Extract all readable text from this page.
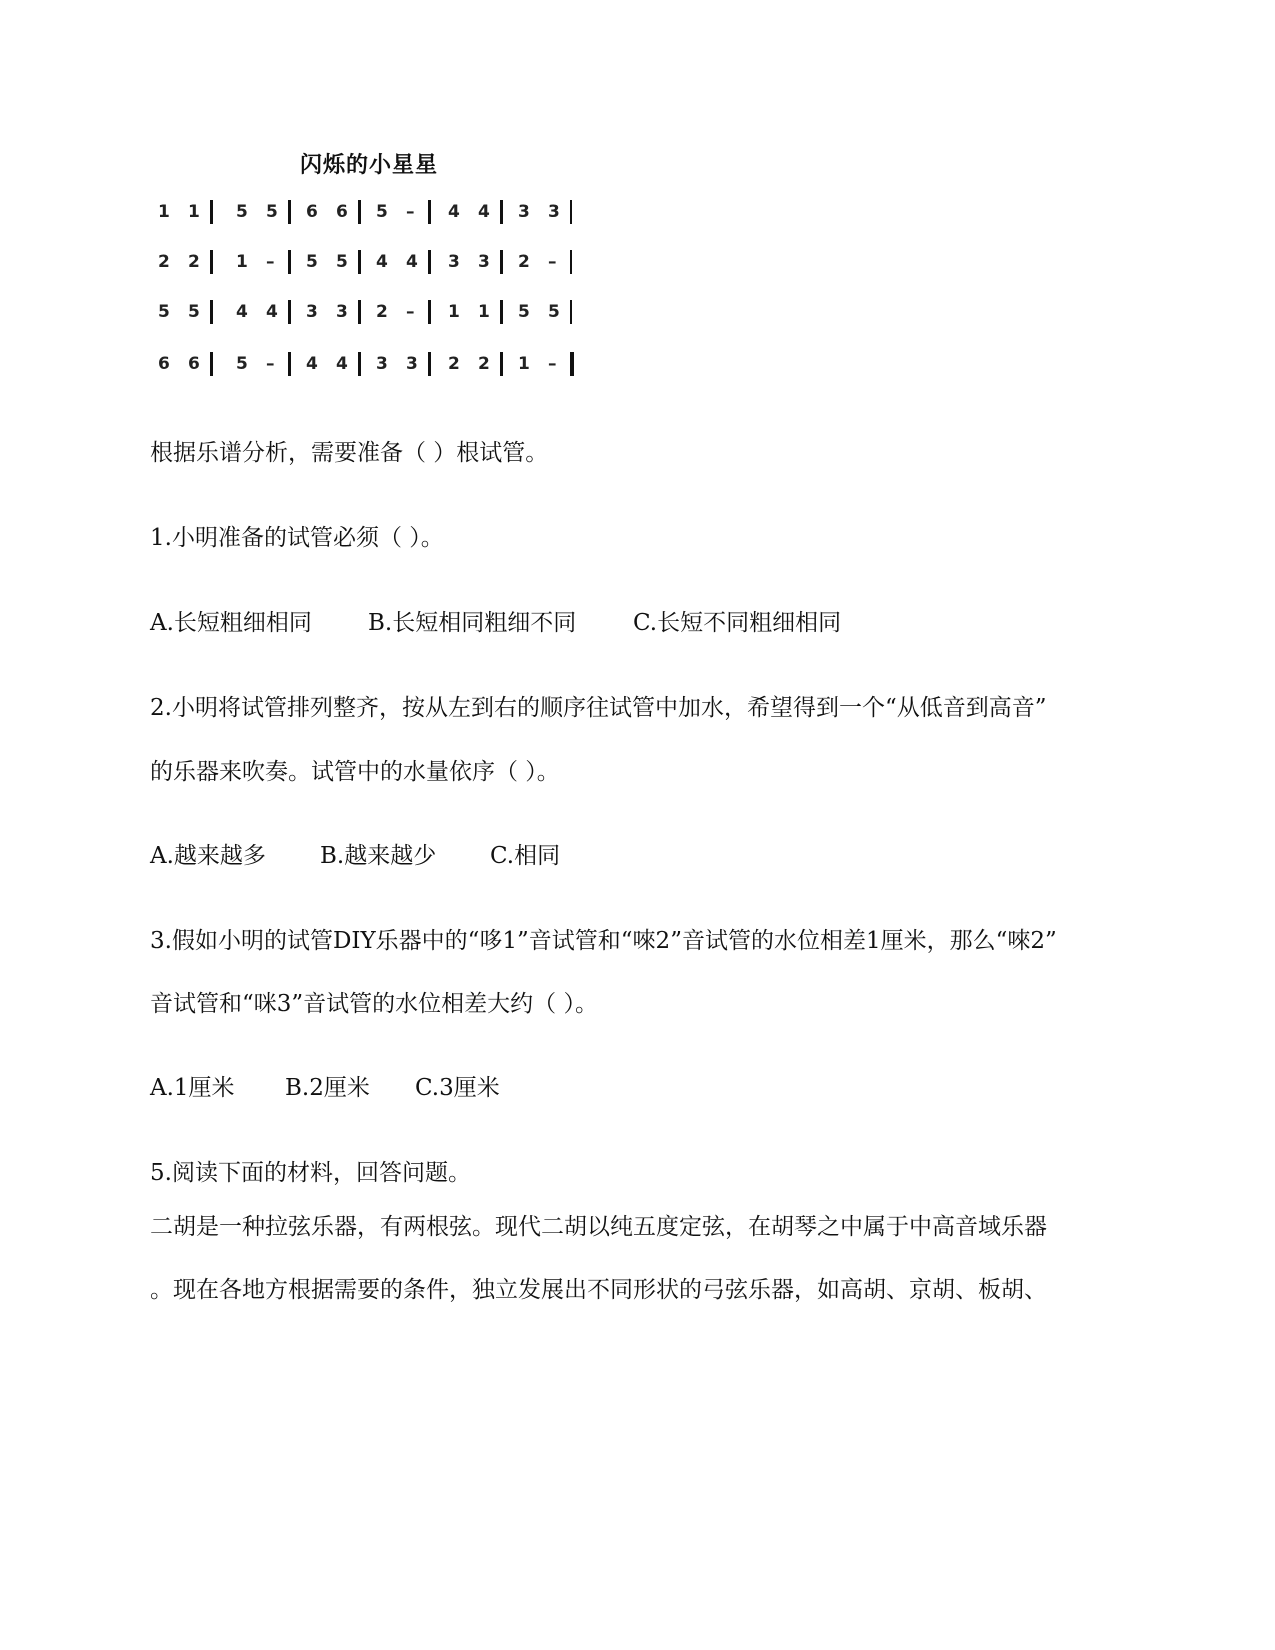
闪烁的小星星
1 1 5 5 6 6 5 – 4 4 3 3
2 2 1 – 5 5 4 4 3 3 2 –
5 5 4 4 3 3 2 – 1 1 5 5
6 6 5 – 4 4 3 3 2 2 1 –
根据乐谱分析，需要准备（ ）根试管。
1.小明准备的试管必须（ ）。
A.长短粗细相同	B.长短相同粗细不同	C.长短不同粗细相同
2.小明将试管排列整齐，按从左到右的顺序往试管中加水，希望得到一个“从低音到高音”
的乐器来吹奏。试管中的水量依序（ ）。
A.越来越多	B.越来越少	C.相同
3.假如小明的试管DIY乐器中的“哆1”音试管和“唻2”音试管的水位相差1厘米，那么“唻2”
音试管和“咪3”音试管的水位相差大约（ ）。
A.1厘米	B.2厘米	C.3厘米
5.阅读下面的材料，回答问题。
二胡是一种拉弦乐器，有两根弦。现代二胡以纯五度定弦，在胡琴之中属于中高音域乐器
。现在各地方根据需要的条件，独立发展出不同形状的弓弦乐器，如高胡、京胡、板胡、
